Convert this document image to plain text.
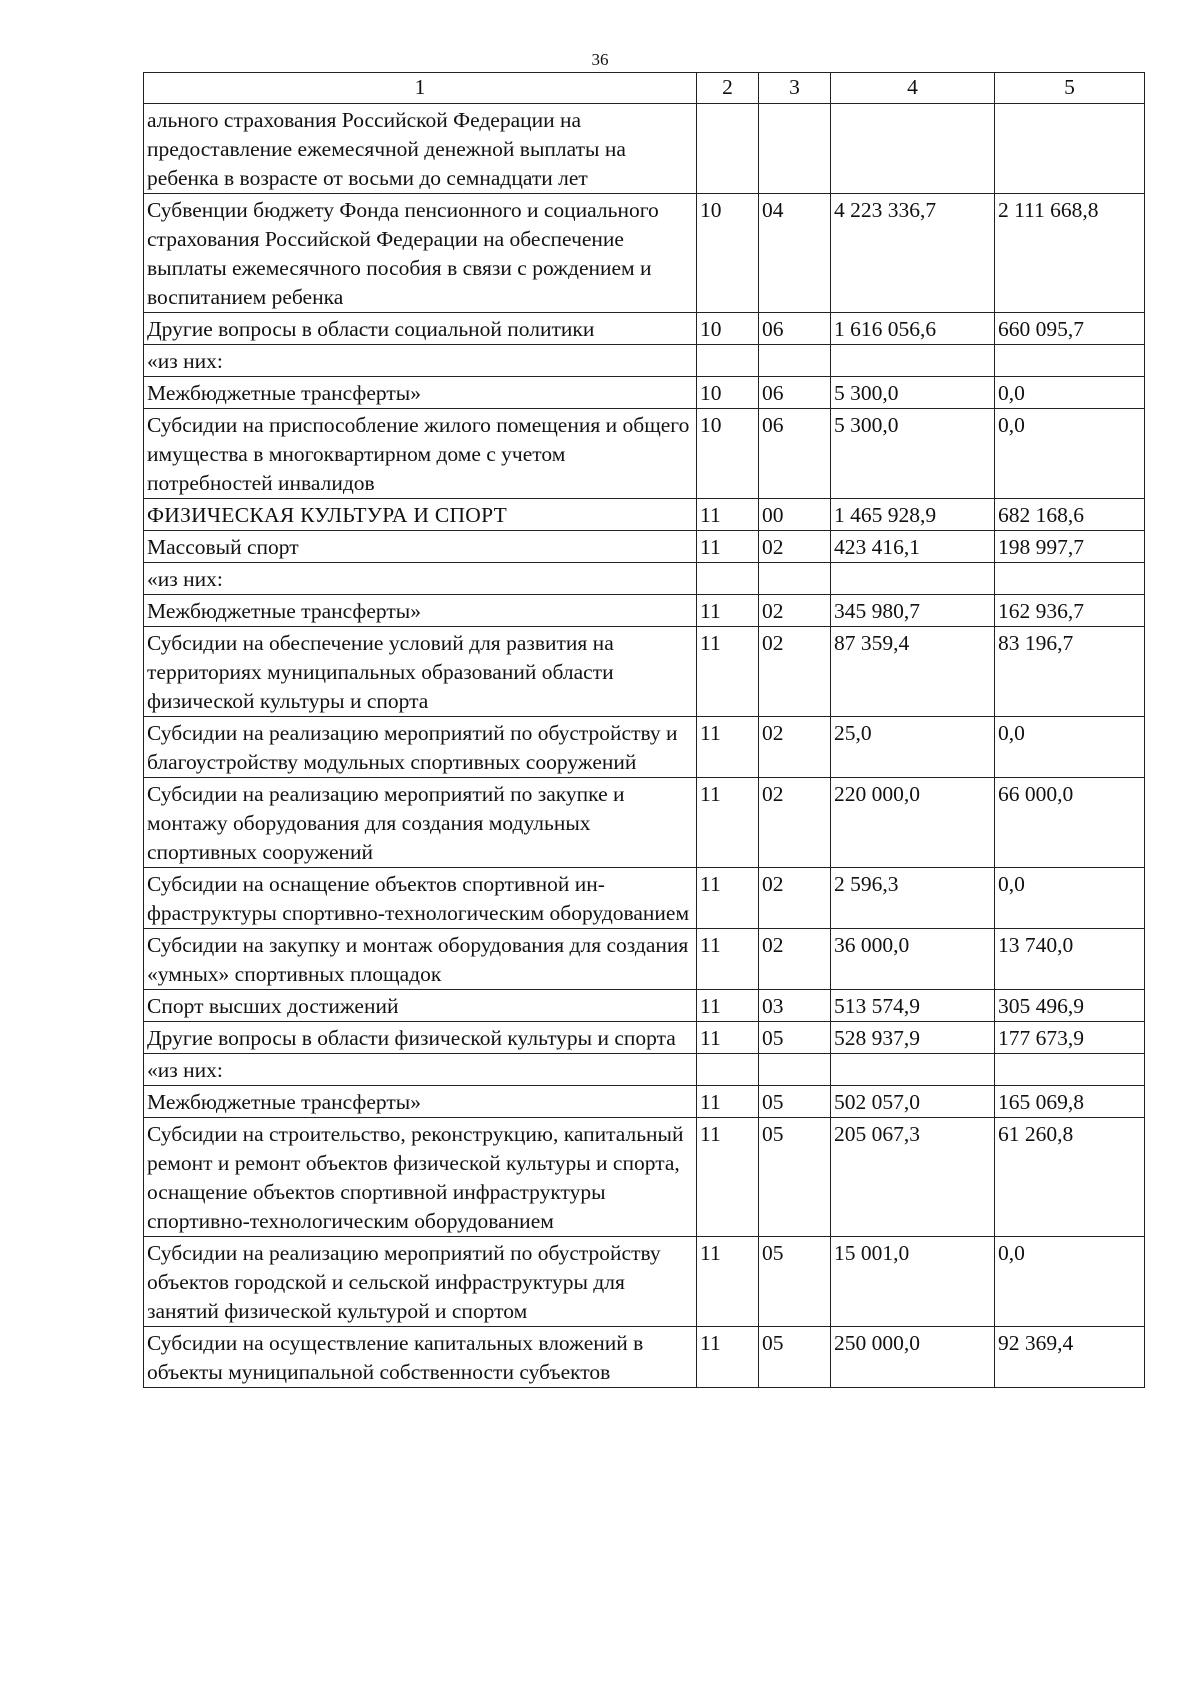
36
1	2	3	4	5
ального страхования Российской Федерации на предоставление ежемесячной денежной выплаты на ребенка в возрасте от восьми до семнадцати лет				
Субвенции бюджету Фонда пенсионного и социального страхования Российской Федерации на обеспечение выплаты ежемесячного пособия в связи с рождением и воспитанием ребенка	10	04	4 223 336,7	2 111 668,8
Другие вопросы в области социальной политики	10	06	1 616 056,6	660 095,7
«из них:				
Межбюджетные трансферты»	10	06	5 300,0	0,0
Субсидии на приспособление жилого помещения и общего имущества в многоквартирном доме с учетом потребностей инвалидов	10	06	5 300,0	0,0
ФИЗИЧЕСКАЯ КУЛЬТУРА И СПОРТ	11	00	1 465 928,9	682 168,6
Массовый спорт	11	02	423 416,1	198 997,7
«из них:				
Межбюджетные трансферты»	11	02	345 980,7	162 936,7
Субсидии на обеспечение условий для развития на территориях муниципальных образований области физической культуры и спорта	11	02	87 359,4	83 196,7
Субсидии на реализацию мероприятий по обустройству и благоустройству модульных спортивных сооружений	11	02	25,0	0,0
Субсидии на реализацию мероприятий по закупке и монтажу оборудования для создания модульных спортивных сооружений	11	02	220 000,0	66 000,0
Субсидии на оснащение объектов спортивной инфраструктуры спортивно-технологическим оборудованием	11	02	2 596,3	0,0
Субсидии на закупку и монтаж оборудования для создания «умных» спортивных площадок	11	02	36 000,0	13 740,0
Спорт высших достижений	11	03	513 574,9	305 496,9
Другие вопросы в области физической культуры и спорта	11	05	528 937,9	177 673,9
«из них:				
Межбюджетные трансферты»	11	05	502 057,0	165 069,8
Субсидии на строительство, реконструкцию, капитальный ремонт и ремонт объектов физической культуры и спорта, оснащение объектов спортивной инфраструктуры спортивно-технологическим оборудованием	11	05	205 067,3	61 260,8
Субсидии на реализацию мероприятий по обустройству объектов городской и сельской инфраструктуры для занятий физической культурой и спортом	11	05	15 001,0	0,0
Субсидии на осуществление капитальных вложений в объекты муниципальной собственности субъектов	11	05	250 000,0	92 369,4
